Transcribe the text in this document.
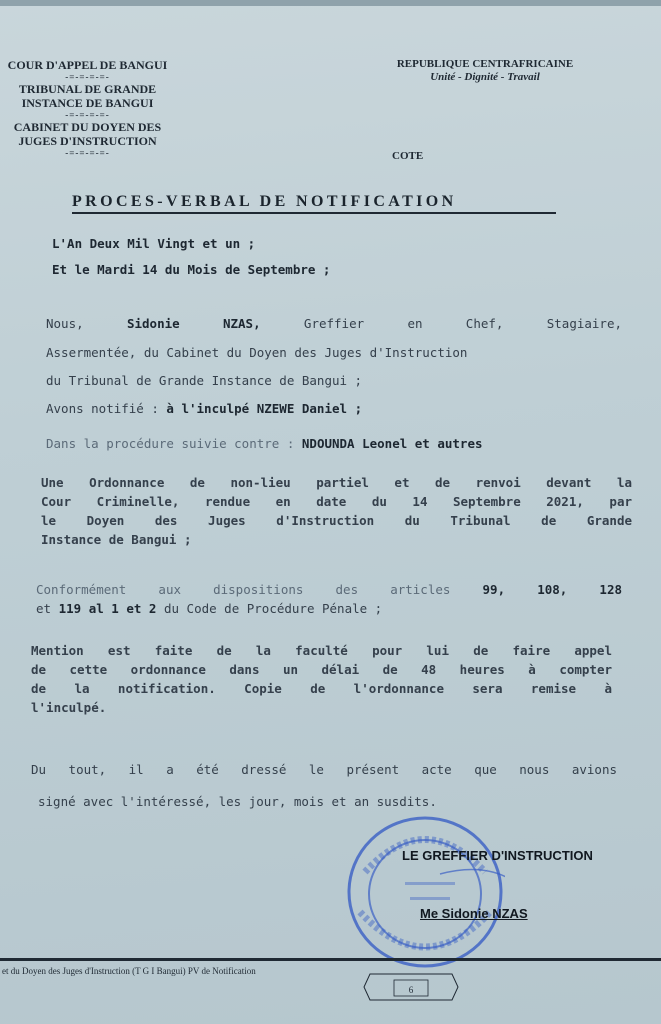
COUR D'APPEL DE BANGUI
-=-=-=-=-
TRIBUNAL DE GRANDE
INSTANCE DE BANGUI
-=-=-=-=-
CABINET DU DOYEN DES
JUGES D'INSTRUCTION
-=-=-=-=-
REPUBLIQUE CENTRAFRICAINE
Unité - Dignité - Travail
COTE
PROCES-VERBAL DE NOTIFICATION
L'An Deux Mil Vingt et un ;
Et le Mardi 14 du Mois de Septembre ;
Nous,	Sidonie NZAS,	Greffier en Chef, Stagiaire,
Assermentée, du Cabinet du Doyen des Juges d'Instruction
du Tribunal de Grande Instance de Bangui ;
Avons notifié : à l'inculpé NZEWE Daniel ;
Dans la procédure suivie contre : NDOUNDA Leonel et autres
Une Ordonnance de non-lieu partiel et de renvoi devant la
Cour Criminelle, rendue en date du 14 Septembre 2021, par
le Doyen des Juges d'Instruction du Tribunal de Grande
Instance de Bangui ;
Conformément aux dispositions des articles	99, 108, 128
et 119 al 1 et 2 du Code de Procédure Pénale ;
Mention est faite de la faculté pour lui de faire appel
de cette ordonnance dans un délai de 48 heures à compter
de la notification. Copie de l'ordonnance sera remise à
l'inculpé.
Du tout, il a été dressé le présent acte que nous avions
signé avec l'intéressé, les jour, mois et an susdits.
LE GREFFIER D'INSTRUCTION
Me Sidonie NZAS
et du Doyen des Juges d'Instruction (T G I Bangui) PV de Notification
6
